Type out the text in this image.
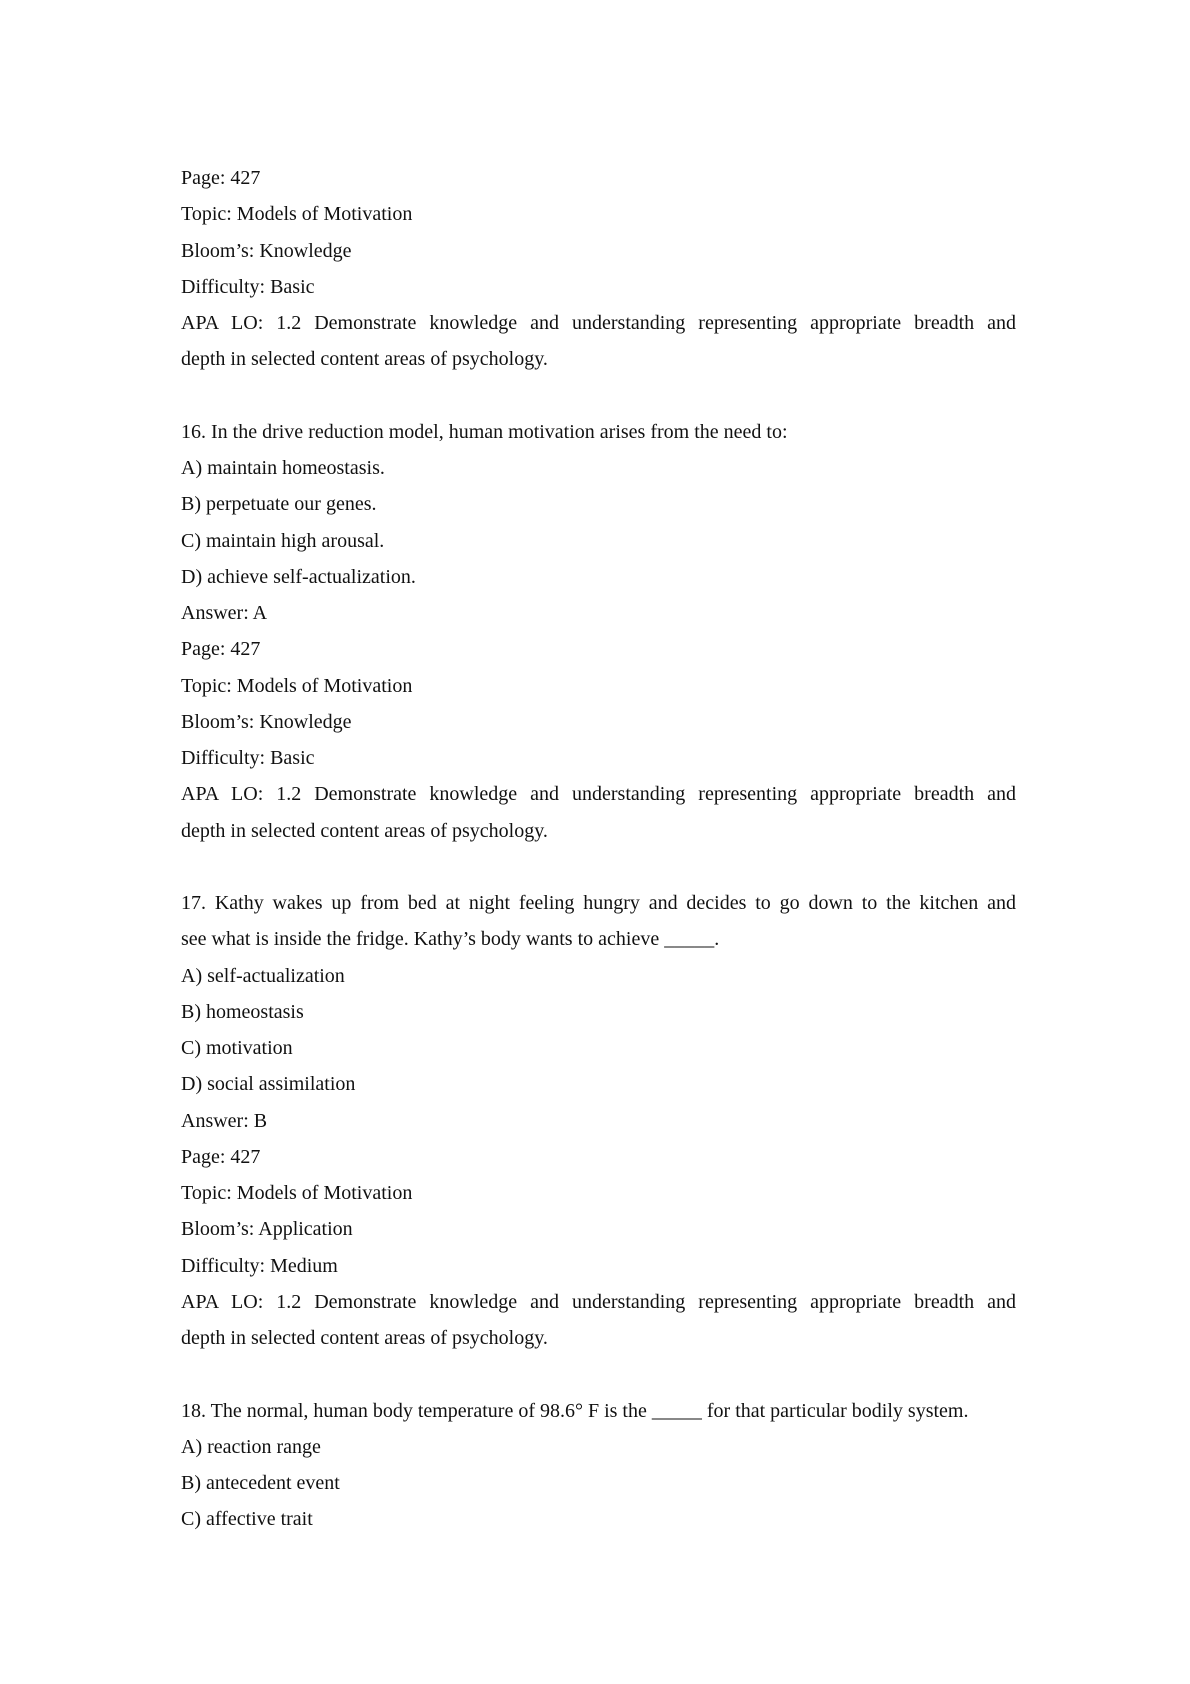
Page: 427
Topic: Models of Motivation
Bloom’s: Knowledge
Difficulty: Basic
APA LO: 1.2 Demonstrate knowledge and understanding representing appropriate breadth and
depth in selected content areas of psychology.
16. In the drive reduction model, human motivation arises from the need to:
A) maintain homeostasis.
B) perpetuate our genes.
C) maintain high arousal.
D) achieve self-actualization.
Answer: A
Page: 427
Topic: Models of Motivation
Bloom’s: Knowledge
Difficulty: Basic
APA LO: 1.2 Demonstrate knowledge and understanding representing appropriate breadth and
depth in selected content areas of psychology.
17. Kathy wakes up from bed at night feeling hungry and decides to go down to the kitchen and
see what is inside the fridge. Kathy’s body wants to achieve _____.
A) self-actualization
B) homeostasis
C) motivation
D) social assimilation
Answer: B
Page: 427
Topic: Models of Motivation
Bloom’s: Application
Difficulty: Medium
APA LO: 1.2 Demonstrate knowledge and understanding representing appropriate breadth and
depth in selected content areas of psychology.
18. The normal, human body temperature of 98.6° F is the _____ for that particular bodily system.
A) reaction range
B) antecedent event
C) affective trait
